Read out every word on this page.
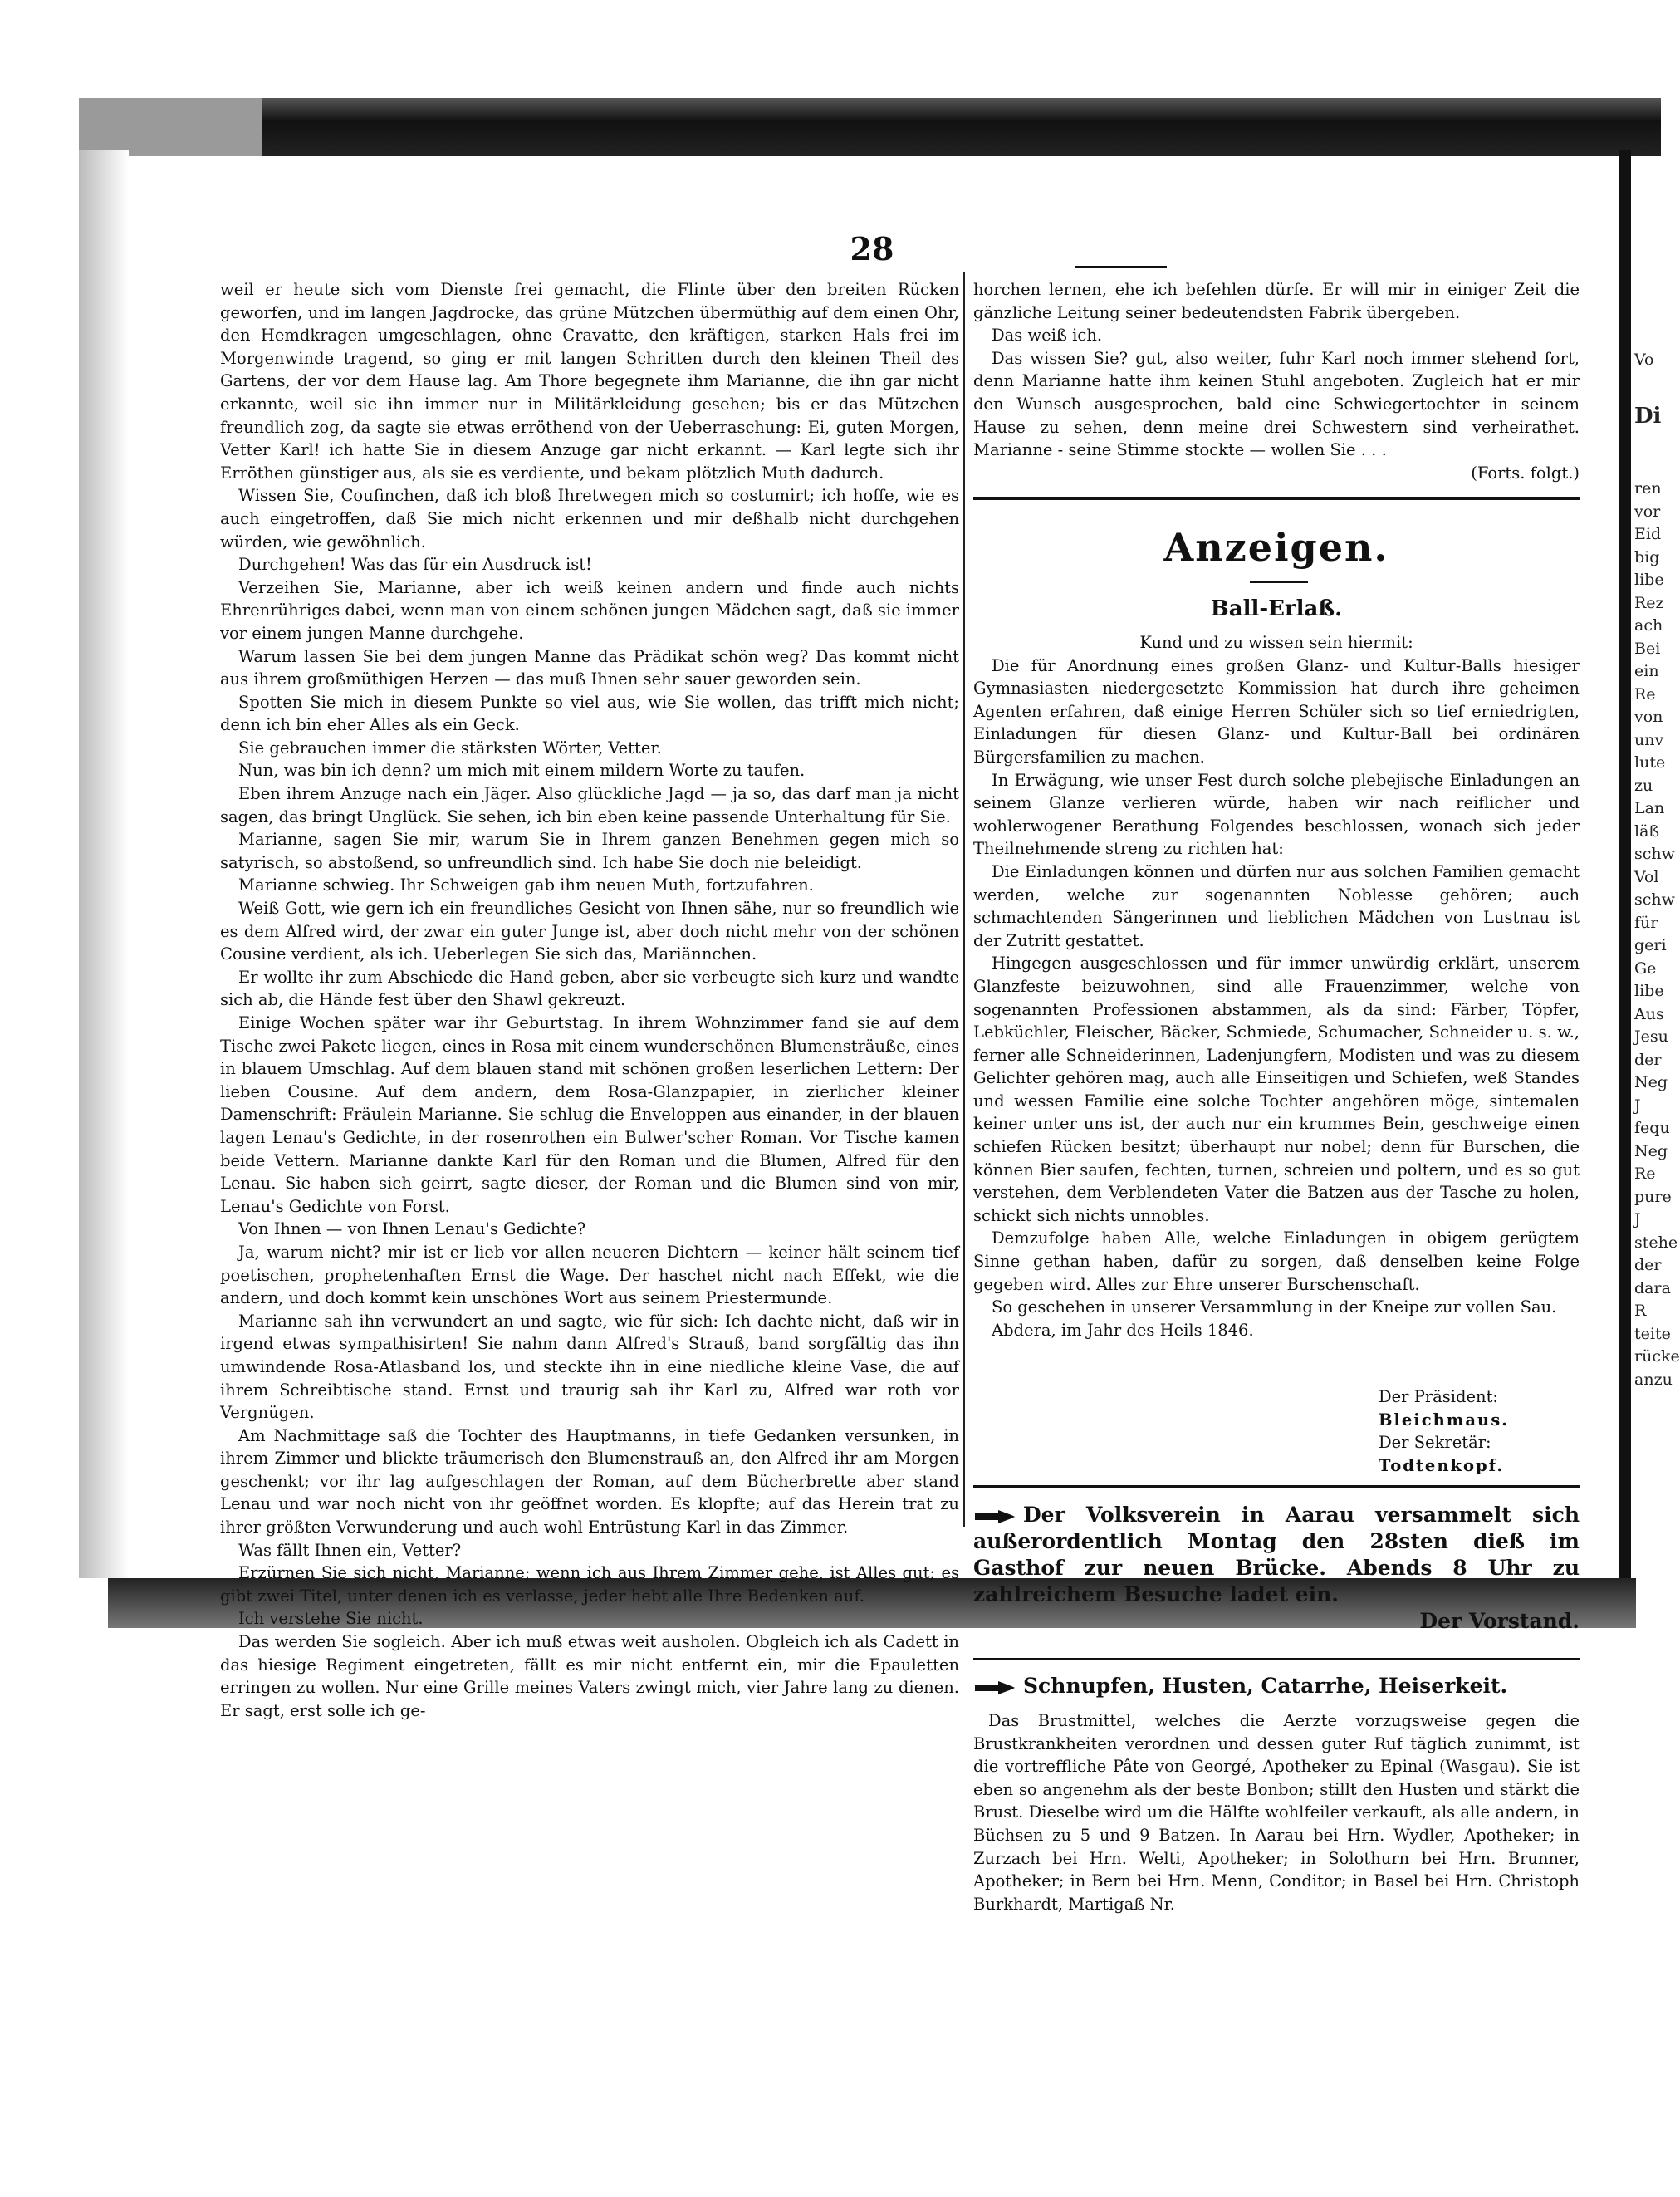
28

weil er heute sich vom Dienste frei gemacht, die Flinte über den breiten Rücken geworfen, und im langen Jagdrocke, das grüne Mützchen übermüthig auf dem einen Ohr, den Hemdkragen umgeschlagen, ohne Cravatte, den kräftigen, starken Hals frei im Morgenwinde tragend, so ging er mit langen Schritten durch den kleinen Theil des Gartens, der vor dem Hause lag. Am Thore begegnete ihm Marianne, die ihn gar nicht erkannte, weil sie ihn immer nur in Militärkleidung gesehen; bis er das Mützchen freundlich zog, da sagte sie etwas erröthend von der Ueberraschung: Ei, guten Morgen, Vetter Karl! ich hatte Sie in diesem Anzuge gar nicht erkannt. — Karl legte sich ihr Erröthen günstiger aus, als sie es verdiente, und bekam plötzlich Muth dadurch.

Wissen Sie, Coufinchen, daß ich bloß Ihretwegen mich so costumirt; ich hoffe, wie es auch eingetroffen, daß Sie mich nicht erkennen und mir deßhalb nicht durchgehen würden, wie gewöhnlich.

Durchgehen! Was das für ein Ausdruck ist!

Verzeihen Sie, Marianne, aber ich weiß keinen andern und finde auch nichts Ehrenrühriges dabei, wenn man von einem schönen jungen Mädchen sagt, daß sie immer vor einem jungen Manne durchgehe.

Warum lassen Sie bei dem jungen Manne das Prädikat schön weg? Das kommt nicht aus ihrem großmüthigen Herzen — das muß Ihnen sehr sauer geworden sein.

Spotten Sie mich in diesem Punkte so viel aus, wie Sie wollen, das trifft mich nicht; denn ich bin eher Alles als ein Geck.

Sie gebrauchen immer die stärksten Wörter, Vetter.

Nun, was bin ich denn? um mich mit einem mildern Worte zu taufen.

Eben ihrem Anzuge nach ein Jäger. Also glückliche Jagd — ja so, das darf man ja nicht sagen, das bringt Unglück. Sie sehen, ich bin eben keine passende Unterhaltung für Sie.

Marianne, sagen Sie mir, warum Sie in Ihrem ganzen Benehmen gegen mich so satyrisch, so abstoßend, so unfreundlich sind. Ich habe Sie doch nie beleidigt.

Marianne schwieg. Ihr Schweigen gab ihm neuen Muth, fortzufahren.

Weiß Gott, wie gern ich ein freundliches Gesicht von Ihnen sähe, nur so freundlich wie es dem Alfred wird, der zwar ein guter Junge ist, aber doch nicht mehr von der schönen Cousine verdient, als ich. Ueberlegen Sie sich das, Mariännchen.

Er wollte ihr zum Abschiede die Hand geben, aber sie verbeugte sich kurz und wandte sich ab, die Hände fest über den Shawl gekreuzt.

Einige Wochen später war ihr Geburtstag. In ihrem Wohnzimmer fand sie auf dem Tische zwei Pakete liegen, eines in Rosa mit einem wunderschönen Blumensträuße, eines in blauem Umschlag. Auf dem blauen stand mit schönen großen leserlichen Lettern: Der lieben Cousine. Auf dem andern, dem Rosa-Glanzpapier, in zierlicher kleiner Damenschrift: Fräulein Marianne. Sie schlug die Enveloppen aus einander, in der blauen lagen Lenau's Gedichte, in der rosenrothen ein Bulwer'scher Roman. Vor Tische kamen beide Vettern. Marianne dankte Karl für den Roman und die Blumen, Alfred für den Lenau. Sie haben sich geirrt, sagte dieser, der Roman und die Blumen sind von mir, Lenau's Gedichte von Forst.

Von Ihnen — von Ihnen Lenau's Gedichte?

Ja, warum nicht? mir ist er lieb vor allen neueren Dichtern — keiner hält seinem tief poetischen, prophetenhaften Ernst die Wage. Der haschet nicht nach Effekt, wie die andern, und doch kommt kein unschönes Wort aus seinem Priestermunde.

Marianne sah ihn verwundert an und sagte, wie für sich: Ich dachte nicht, daß wir in irgend etwas sympathisirten! Sie nahm dann Alfred's Strauß, band sorgfältig das ihn umwindende Rosa-Atlasband los, und steckte ihn in eine niedliche kleine Vase, die auf ihrem Schreibtische stand. Ernst und traurig sah ihr Karl zu, Alfred war roth vor Vergnügen.

Am Nachmittage saß die Tochter des Hauptmanns, in tiefe Gedanken versunken, in ihrem Zimmer und blickte träumerisch den Blumenstrauß an, den Alfred ihr am Morgen geschenkt; vor ihr lag aufgeschlagen der Roman, auf dem Bücherbrette aber stand Lenau und war noch nicht von ihr geöffnet worden. Es klopfte; auf das Herein trat zu ihrer größten Verwunderung und auch wohl Entrüstung Karl in das Zimmer.

Was fällt Ihnen ein, Vetter?

Erzürnen Sie sich nicht, Marianne; wenn ich aus Ihrem Zimmer gehe, ist Alles gut; es gibt zwei Titel, unter denen ich es verlasse, jeder hebt alle Ihre Bedenken auf.

Ich verstehe Sie nicht.

Das werden Sie sogleich. Aber ich muß etwas weit ausholen. Obgleich ich als Cadett in das hiesige Regiment eingetreten, fällt es mir nicht entfernt ein, mir die Epauletten erringen zu wollen. Nur eine Grille meines Vaters zwingt mich, vier Jahre lang zu dienen. Er sagt, erst solle ich ge-

horchen lernen, ehe ich befehlen dürfe. Er will mir in einiger Zeit die gänzliche Leitung seiner bedeutendsten Fabrik übergeben.

Das weiß ich.

Das wissen Sie? gut, also weiter, fuhr Karl noch immer stehend fort, denn Marianne hatte ihm keinen Stuhl angeboten. Zugleich hat er mir den Wunsch ausgesprochen, bald eine Schwiegertochter in seinem Hause zu sehen, denn meine drei Schwestern sind verheirathet. Marianne - seine Stimme stockte — wollen Sie . . .

(Forts. folgt.)
Anzeigen.
Ball-Erlaß.

Kund und zu wissen sein hiermit:

Die für Anordnung eines großen Glanz- und Kultur-Balls hiesiger Gymnasiasten niedergesetzte Kommission hat durch ihre geheimen Agenten erfahren, daß einige Herren Schüler sich so tief erniedrigten, Einladungen für diesen Glanz- und Kultur-Ball bei ordinären Bürgersfamilien zu machen.

In Erwägung, wie unser Fest durch solche plebejische Einladungen an seinem Glanze verlieren würde, haben wir nach reiflicher und wohlerwogener Berathung Folgendes beschlossen, wonach sich jeder Theilnehmende streng zu richten hat:

Die Einladungen können und dürfen nur aus solchen Familien gemacht werden, welche zur sogenannten Noblesse gehören; auch schmachtenden Sängerinnen und lieblichen Mädchen von Lustnau ist der Zutritt gestattet.

Hingegen ausgeschlossen und für immer unwürdig erklärt, unserem Glanzfeste beizuwohnen, sind alle Frauenzimmer, welche von sogenannten Professionen abstammen, als da sind: Färber, Töpfer, Lebküchler, Fleischer, Bäcker, Schmiede, Schumacher, Schneider u. s. w., ferner alle Schneiderinnen, Ladenjungfern, Modisten und was zu diesem Gelichter gehören mag, auch alle Einseitigen und Schiefen, weß Standes und wessen Familie eine solche Tochter angehören möge, sintemalen keiner unter uns ist, der auch nur ein krummes Bein, geschweige einen schiefen Rücken besitzt; überhaupt nur nobel; denn für Burschen, die können Bier saufen, fechten, turnen, schreien und poltern, und es so gut verstehen, dem Verblendeten Vater die Batzen aus der Tasche zu holen, schickt sich nichts unnobles.

Demzufolge haben Alle, welche Einladungen in obigem gerügtem Sinne gethan haben, dafür zu sorgen, daß denselben keine Folge gegeben wird. Alles zur Ehre unserer Burschenschaft.

So geschehen in unserer Versammlung in der Kneipe zur vollen Sau.

Abdera, im Jahr des Heils 1846.

Der Präsident:
Bleichmaus.
Der Sekretär:
Todtenkopf.

Der Volksverein in Aarau versammelt sich außerordentlich Montag den 28sten dieß im Gasthof zur neuen Brücke. Abends 8 Uhr zu zahlreichem Besuche ladet ein.

Der Vorstand.
Schnupfen, Husten, Catarrhe, Heiserkeit.

Das Brustmittel, welches die Aerzte vorzugsweise gegen die Brustkrankheiten verordnen und dessen guter Ruf täglich zunimmt, ist die vortreffliche Pâte von Georgé, Apotheker zu Epinal (Wasgau). Sie ist eben so angenehm als der beste Bonbon; stillt den Husten und stärkt die Brust. Dieselbe wird um die Hälfte wohlfeiler verkauft, als alle andern, in Büchsen zu 5 und 9 Batzen. In Aarau bei Hrn. Wydler, Apotheker; in Zurzach bei Hrn. Welti, Apotheker; in Solothurn bei Hrn. Brunner, Apotheker; in Bern bei Hrn. Menn, Conditor; in Basel bei Hrn. Christoph Burkhardt, Martigaß Nr.

Vo
Di
ren
vor
Eid
big
libe
Rez
ach
Bei
ein
Re
von
unv
lute
zu
Lan
läß
schw
Vol
schw
für
geri
Ge
libe
Aus
Jesu
der
Neg
J
fequ
Neg
Re
pure
J
stehe
der
dara
R
teite
rücke
anzu
